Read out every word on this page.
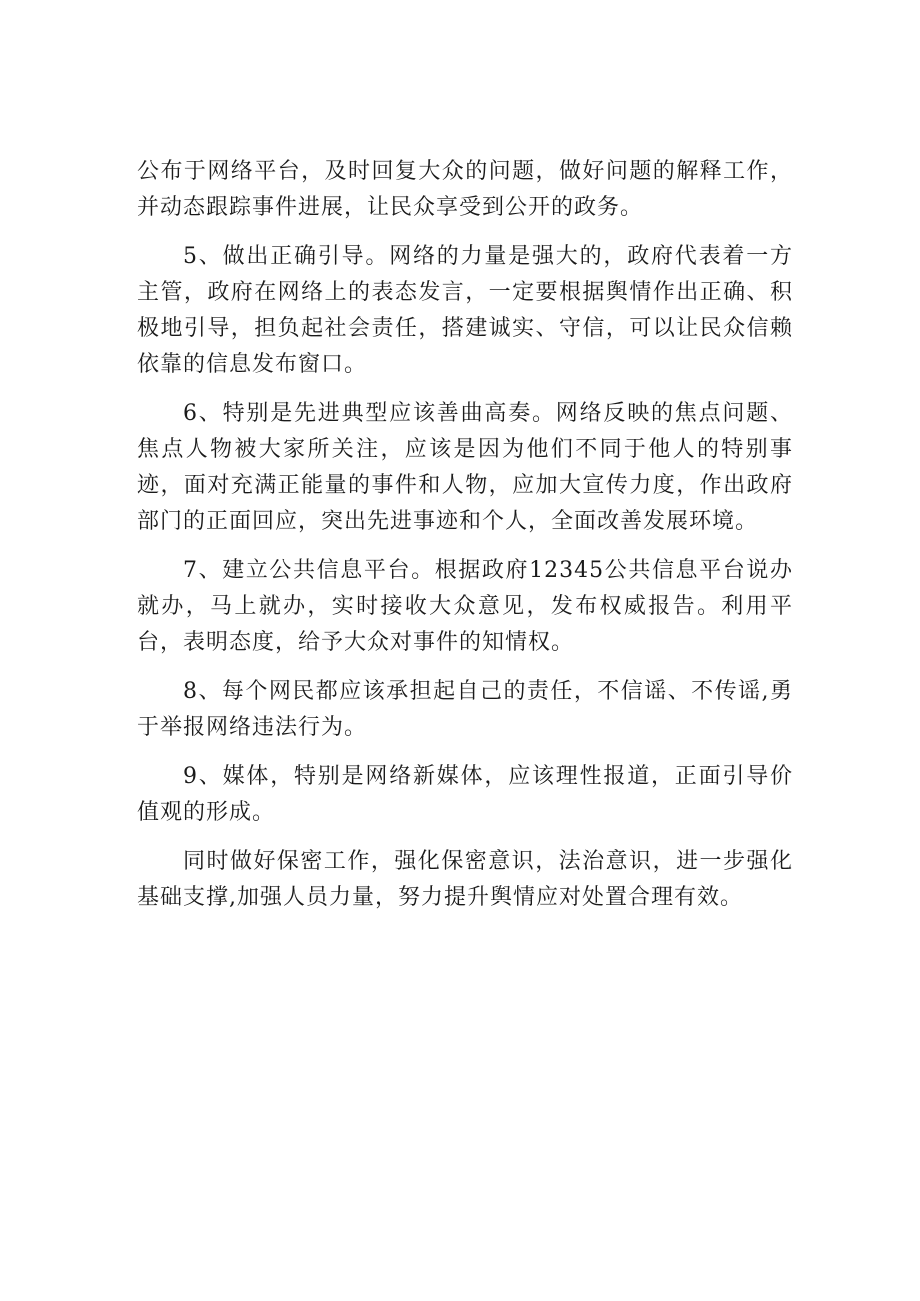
公布于网络平台，及时回复大众的问题，做好问题的解释工作，并动态跟踪事件进展，让民众享受到公开的政务。

5、做出正确引导。网络的力量是强大的，政府代表着一方主管，政府在网络上的表态发言，一定要根据舆情作出正确、积极地引导，担负起社会责任，搭建诚实、守信，可以让民众信赖依靠的信息发布窗口。

6、特别是先进典型应该善曲高奏。网络反映的焦点问题、焦点人物被大家所关注，应该是因为他们不同于他人的特别事迹，面对充满正能量的事件和人物，应加大宣传力度，作出政府部门的正面回应，突出先进事迹和个人，全面改善发展环境。

7、建立公共信息平台。根据政府12345公共信息平台说办就办，马上就办，实时接收大众意见，发布权威报告。利用平台，表明态度，给予大众对事件的知情权。

8、每个网民都应该承担起自己的责任，不信谣、不传谣,勇于举报网络违法行为。

9、媒体，特别是网络新媒体，应该理性报道，正面引导价值观的形成。

同时做好保密工作，强化保密意识，法治意识，进一步强化基础支撑,加强人员力量，努力提升舆情应对处置合理有效。
